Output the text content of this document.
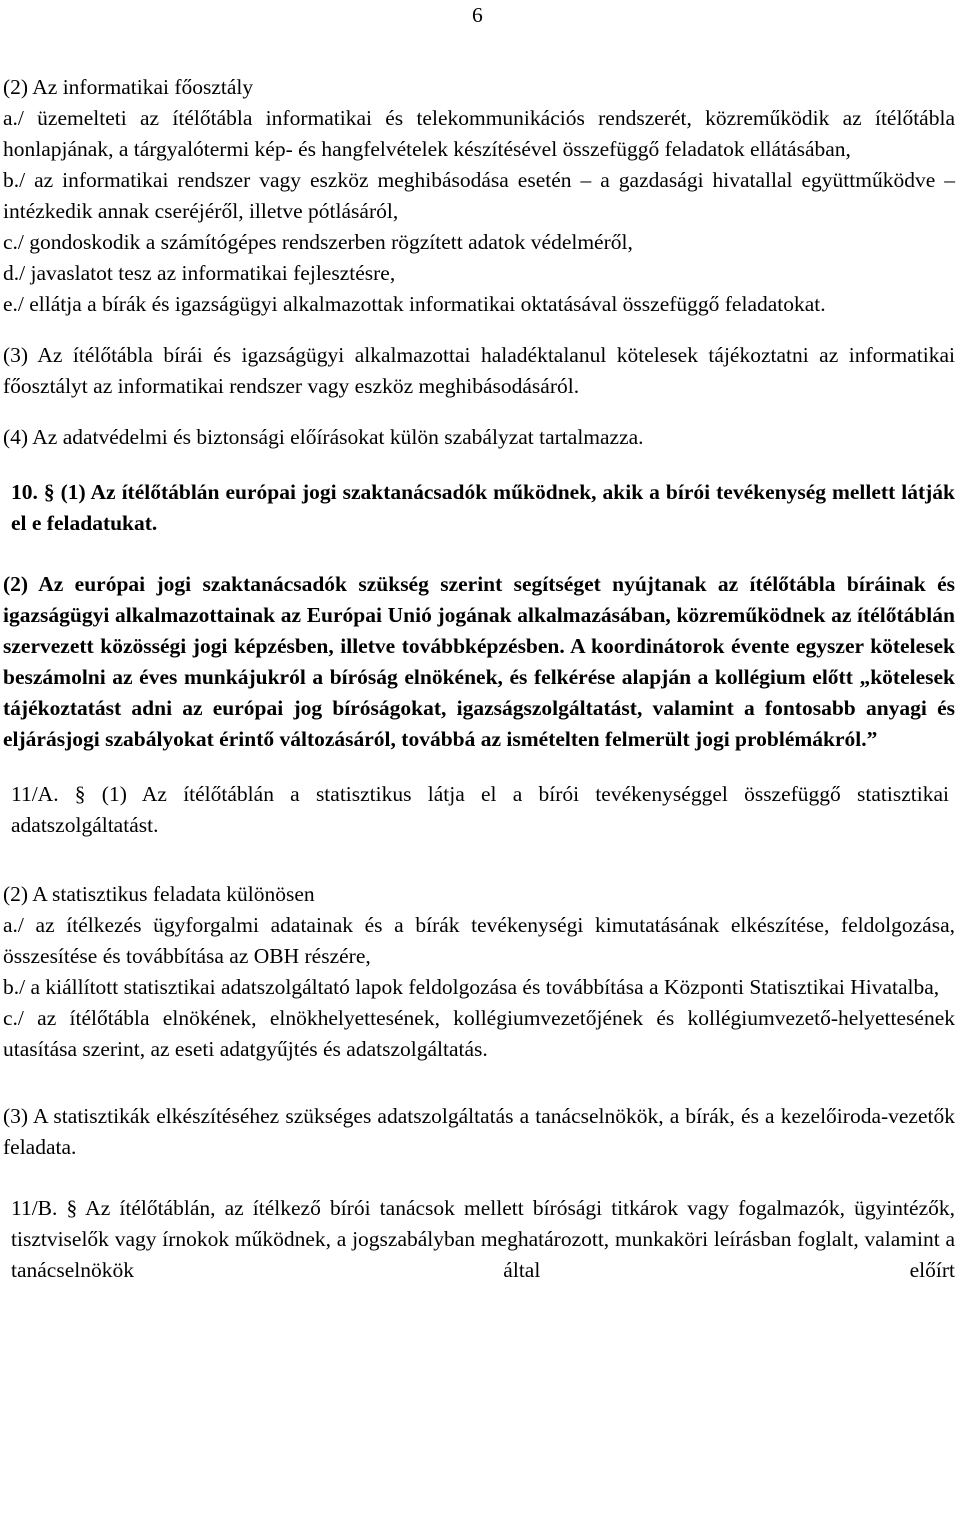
6

(2) Az informatikai főosztály

a./ üzemelteti az ítélőtábla informatikai és telekommunikációs rendszerét, közreműködik az ítélőtábla honlapjának, a tárgyalótermi kép- és hangfelvételek készítésével összefüggő feladatok ellátásában,

b./ az informatikai rendszer vagy eszköz meghibásodása esetén – a gazdasági hivatallal együttműködve – intézkedik annak cseréjéről, illetve pótlásáról,

c./ gondoskodik a számítógépes rendszerben rögzített adatok védelméről,

d./ javaslatot tesz az informatikai fejlesztésre,

e./ ellátja a bírák és igazságügyi alkalmazottak informatikai oktatásával összefüggő feladatokat.

(3) Az ítélőtábla bírái és igazságügyi alkalmazottai haladéktalanul kötelesek tájékoztatni az informatikai főosztályt az informatikai rendszer vagy eszköz meghibásodásáról.

(4) Az adatvédelmi és biztonsági előírásokat külön szabályzat tartalmazza.

10. § (1) Az ítélőtáblán európai jogi szaktanácsadók működnek, akik a bírói tevékenység mellett látják el e feladatukat.

(2) Az európai jogi szaktanácsadók szükség szerint segítséget nyújtanak az ítélőtábla bíráinak és igazságügyi alkalmazottainak az Európai Unió jogának alkalmazásában, közreműködnek az ítélőtáblán szervezett közösségi jogi képzésben, illetve továbbképzésben. A koordinátorok évente egyszer kötelesek beszámolni az éves munkájukról a bíróság elnökének, és felkérése alapján a kollégium előtt „kötelesek tájékoztatást adni az európai jog bíróságokat, igazságszolgáltatást, valamint a fontosabb anyagi és eljárásjogi szabályokat érintő változásáról, továbbá az ismételten felmerült jogi problémákról.”

11/A. § (1) Az ítélőtáblán a statisztikus látja el a bírói tevékenységgel összefüggő statisztikai adatszolgáltatást.

(2) A statisztikus feladata különösen

a./ az ítélkezés ügyforgalmi adatainak és a bírák tevékenységi kimutatásának elkészítése, feldolgozása, összesítése és továbbítása az OBH részére,

b./ a kiállított statisztikai adatszolgáltató lapok feldolgozása és továbbítása a Központi Statisztikai Hivatalba,

c./ az ítélőtábla elnökének, elnökhelyettesének, kollégiumvezetőjének és kollégiumvezető-helyettesének utasítása szerint, az eseti adatgyűjtés és adatszolgáltatás.

(3) A statisztikák elkészítéséhez szükséges adatszolgáltatás a tanácselnökök, a bírák, és a kezelőiroda-vezetők feladata.

11/B. § Az ítélőtáblán, az ítélkező bírói tanácsok mellett bírósági titkárok vagy fogalmazók, ügyintézők, tisztviselők vagy írnokok működnek, a jogszabályban meghatározott, munkaköri leírásban foglalt, valamint a tanácselnökök által előírt
